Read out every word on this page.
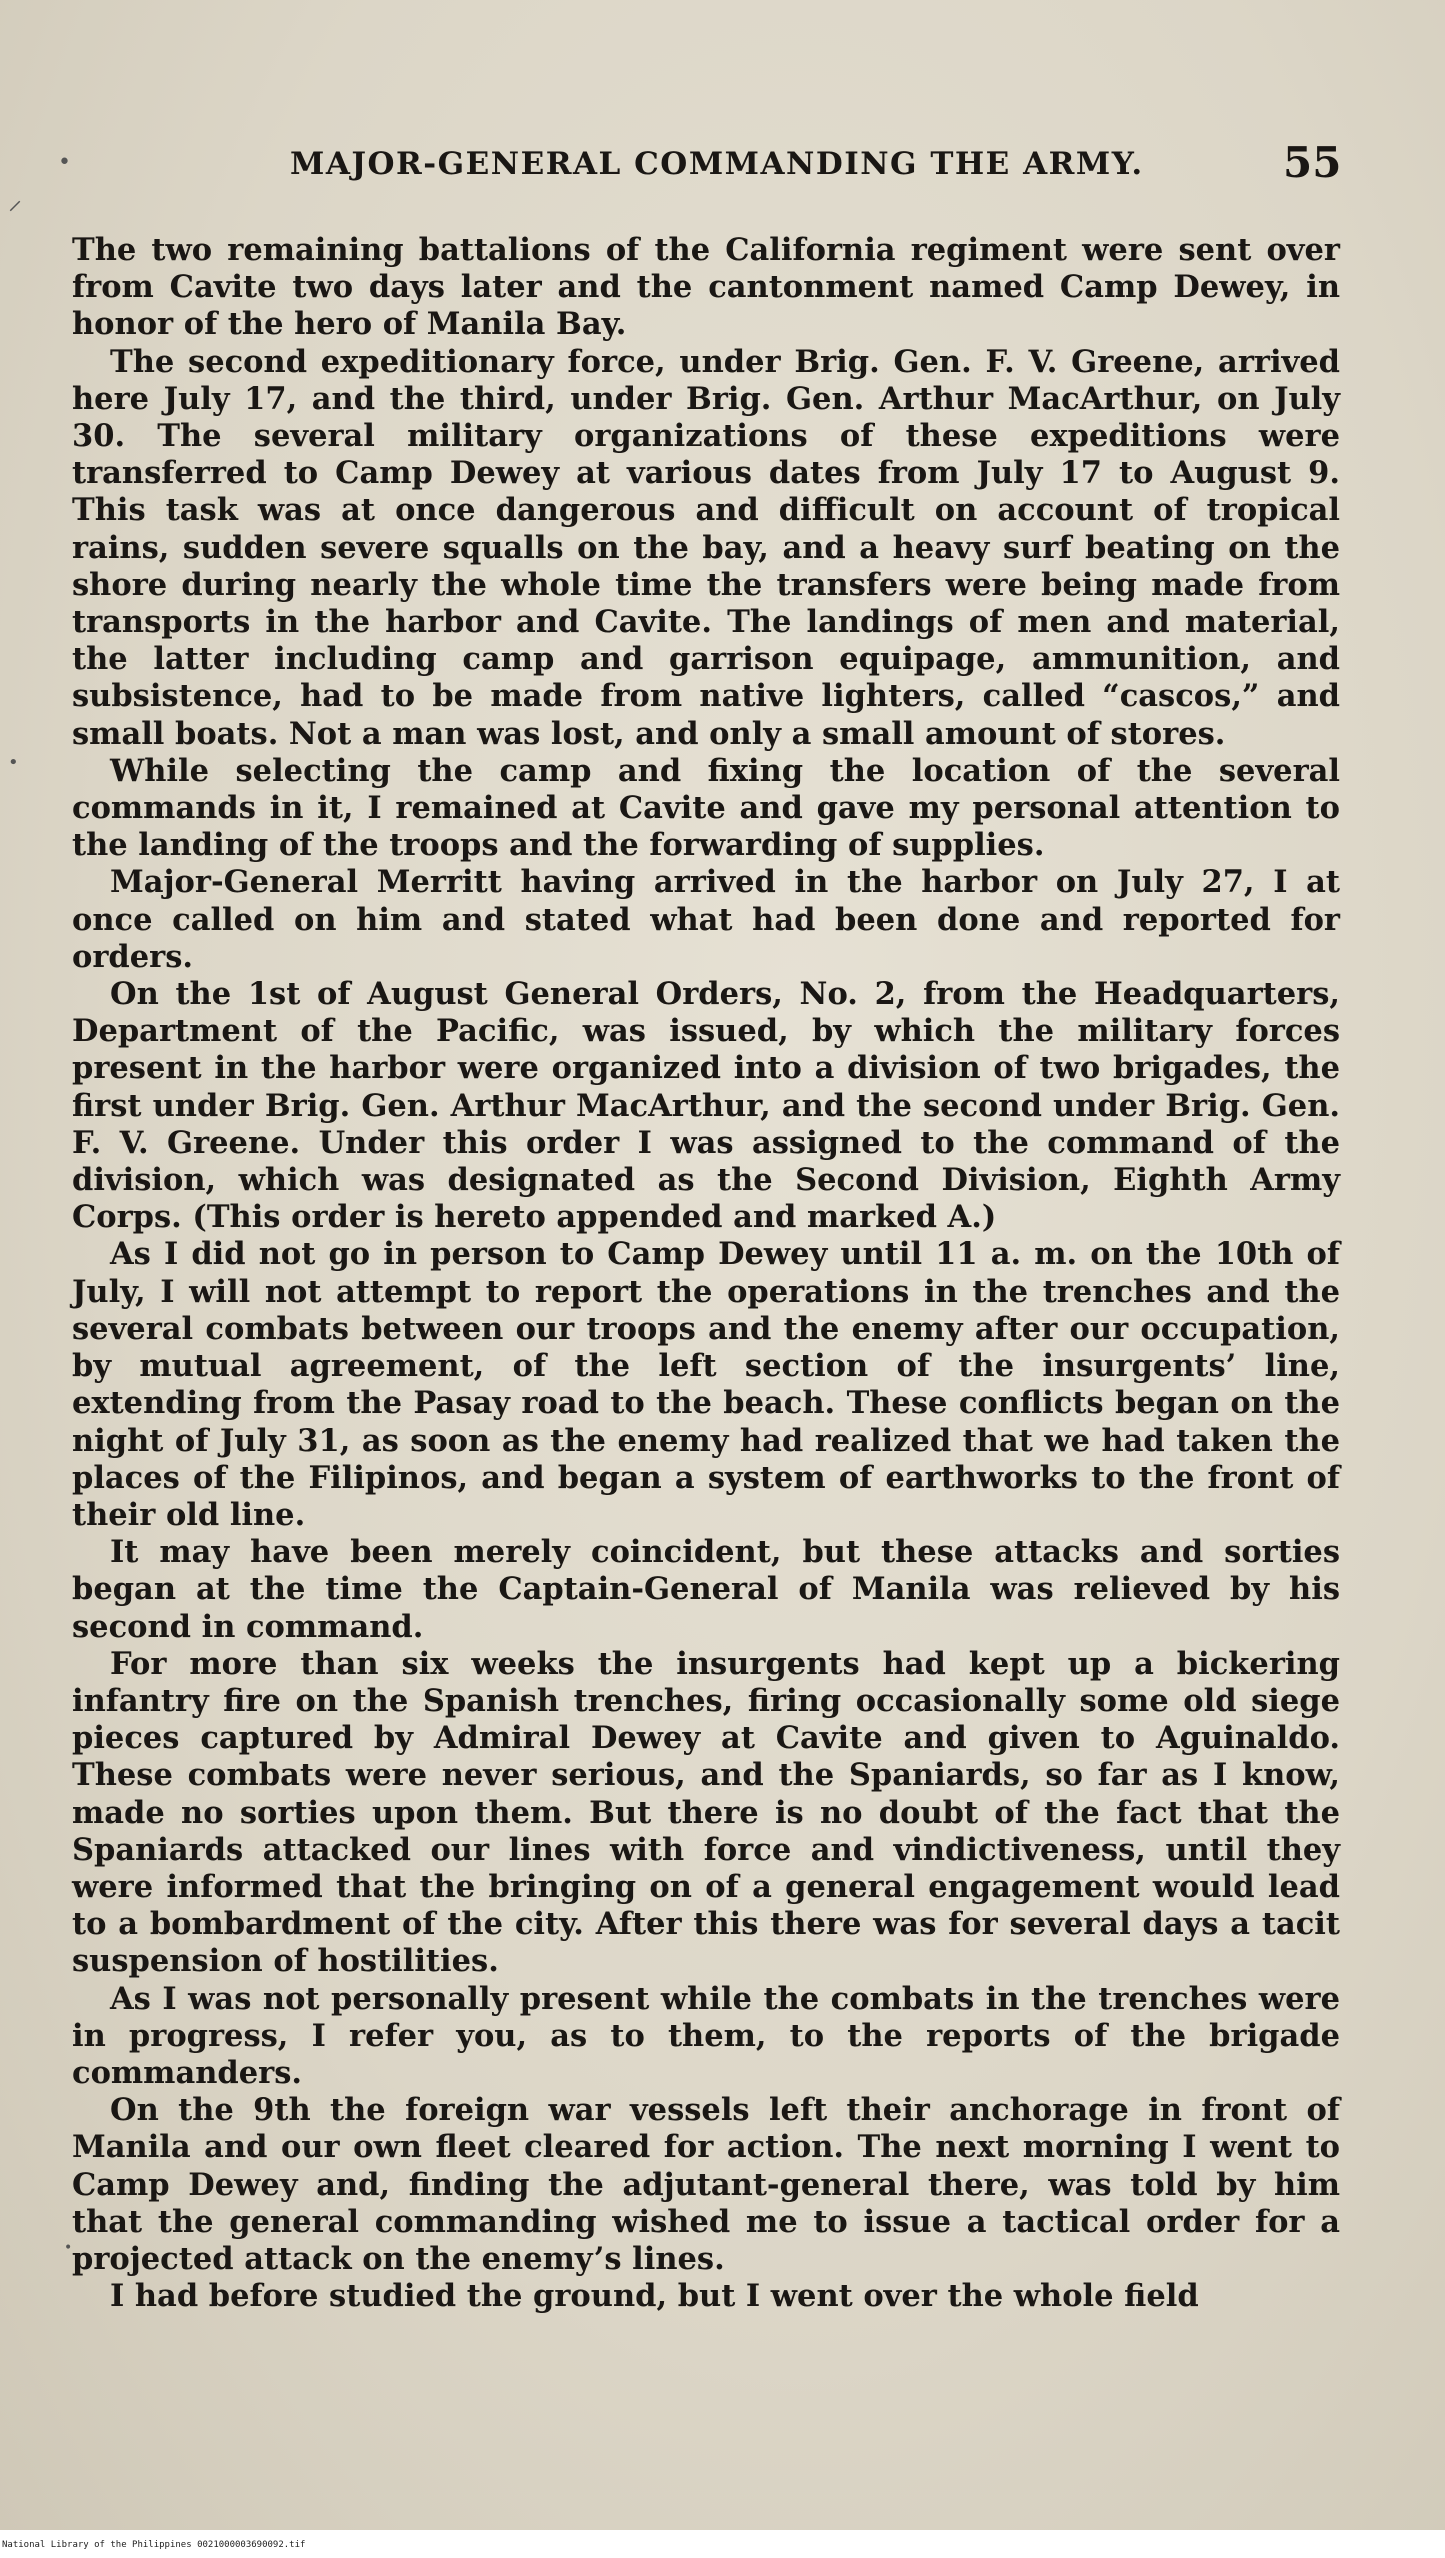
⸝
•
•
•
MAJOR-GENERAL COMMANDING THE ARMY.	55

The two remaining battalions of the California regiment were sent over from Cavite two days later and the cantonment named Camp Dewey, in honor of the hero of Manila Bay.

The second expeditionary force, under Brig. Gen. F. V. Greene, arrived here July 17, and the third, under Brig. Gen. Arthur MacArthur, on July 30. The several military organizations of these expeditions were transferred to Camp Dewey at various dates from July 17 to August 9. This task was at once dangerous and difficult on account of tropical rains, sudden severe squalls on the bay, and a heavy surf beating on the shore during nearly the whole time the transfers were being made from transports in the harbor and Cavite. The landings of men and material, the latter including camp and garrison equipage, ammunition, and subsistence, had to be made from native lighters, called “cascos,” and small boats. Not a man was lost, and only a small amount of stores.

While selecting the camp and fixing the location of the several commands in it, I remained at Cavite and gave my personal attention to the landing of the troops and the forwarding of supplies.

Major-General Merritt having arrived in the harbor on July 27, I at once called on him and stated what had been done and reported for orders.

On the 1st of August General Orders, No. 2, from the Headquarters, Department of the Pacific, was issued, by which the military forces present in the harbor were organized into a division of two brigades, the first under Brig. Gen. Arthur MacArthur, and the second under Brig. Gen. F. V. Greene. Under this order I was assigned to the command of the division, which was designated as the Second Division, Eighth Army Corps. (This order is hereto appended and marked A.)

As I did not go in person to Camp Dewey until 11 a. m. on the 10th of July, I will not attempt to report the operations in the trenches and the several combats between our troops and the enemy after our occupation, by mutual agreement, of the left section of the insurgents’ line, extending from the Pasay road to the beach. These conflicts began on the night of July 31, as soon as the enemy had realized that we had taken the places of the Filipinos, and began a system of earthworks to the front of their old line.

It may have been merely coincident, but these attacks and sorties began at the time the Captain-General of Manila was relieved by his second in command.

For more than six weeks the insurgents had kept up a bickering infantry fire on the Spanish trenches, firing occasionally some old siege pieces captured by Admiral Dewey at Cavite and given to Aguinaldo. These combats were never serious, and the Spaniards, so far as I know, made no sorties upon them. But there is no doubt of the fact that the Spaniards attacked our lines with force and vindictiveness, until they were informed that the bringing on of a general engagement would lead to a bombardment of the city. After this there was for several days a tacit suspension of hostilities.

As I was not personally present while the combats in the trenches were in progress, I refer you, as to them, to the reports of the brigade commanders.

On the 9th the foreign war vessels left their anchorage in front of Manila and our own fleet cleared for action. The next morning I went to Camp Dewey and, finding the adjutant-general there, was told by him that the general commanding wished me to issue a tactical order for a projected attack on the enemy’s lines.

I had before studied the ground, but I went over the whole field

National Library of the Philippines 0021000003690092.tif
